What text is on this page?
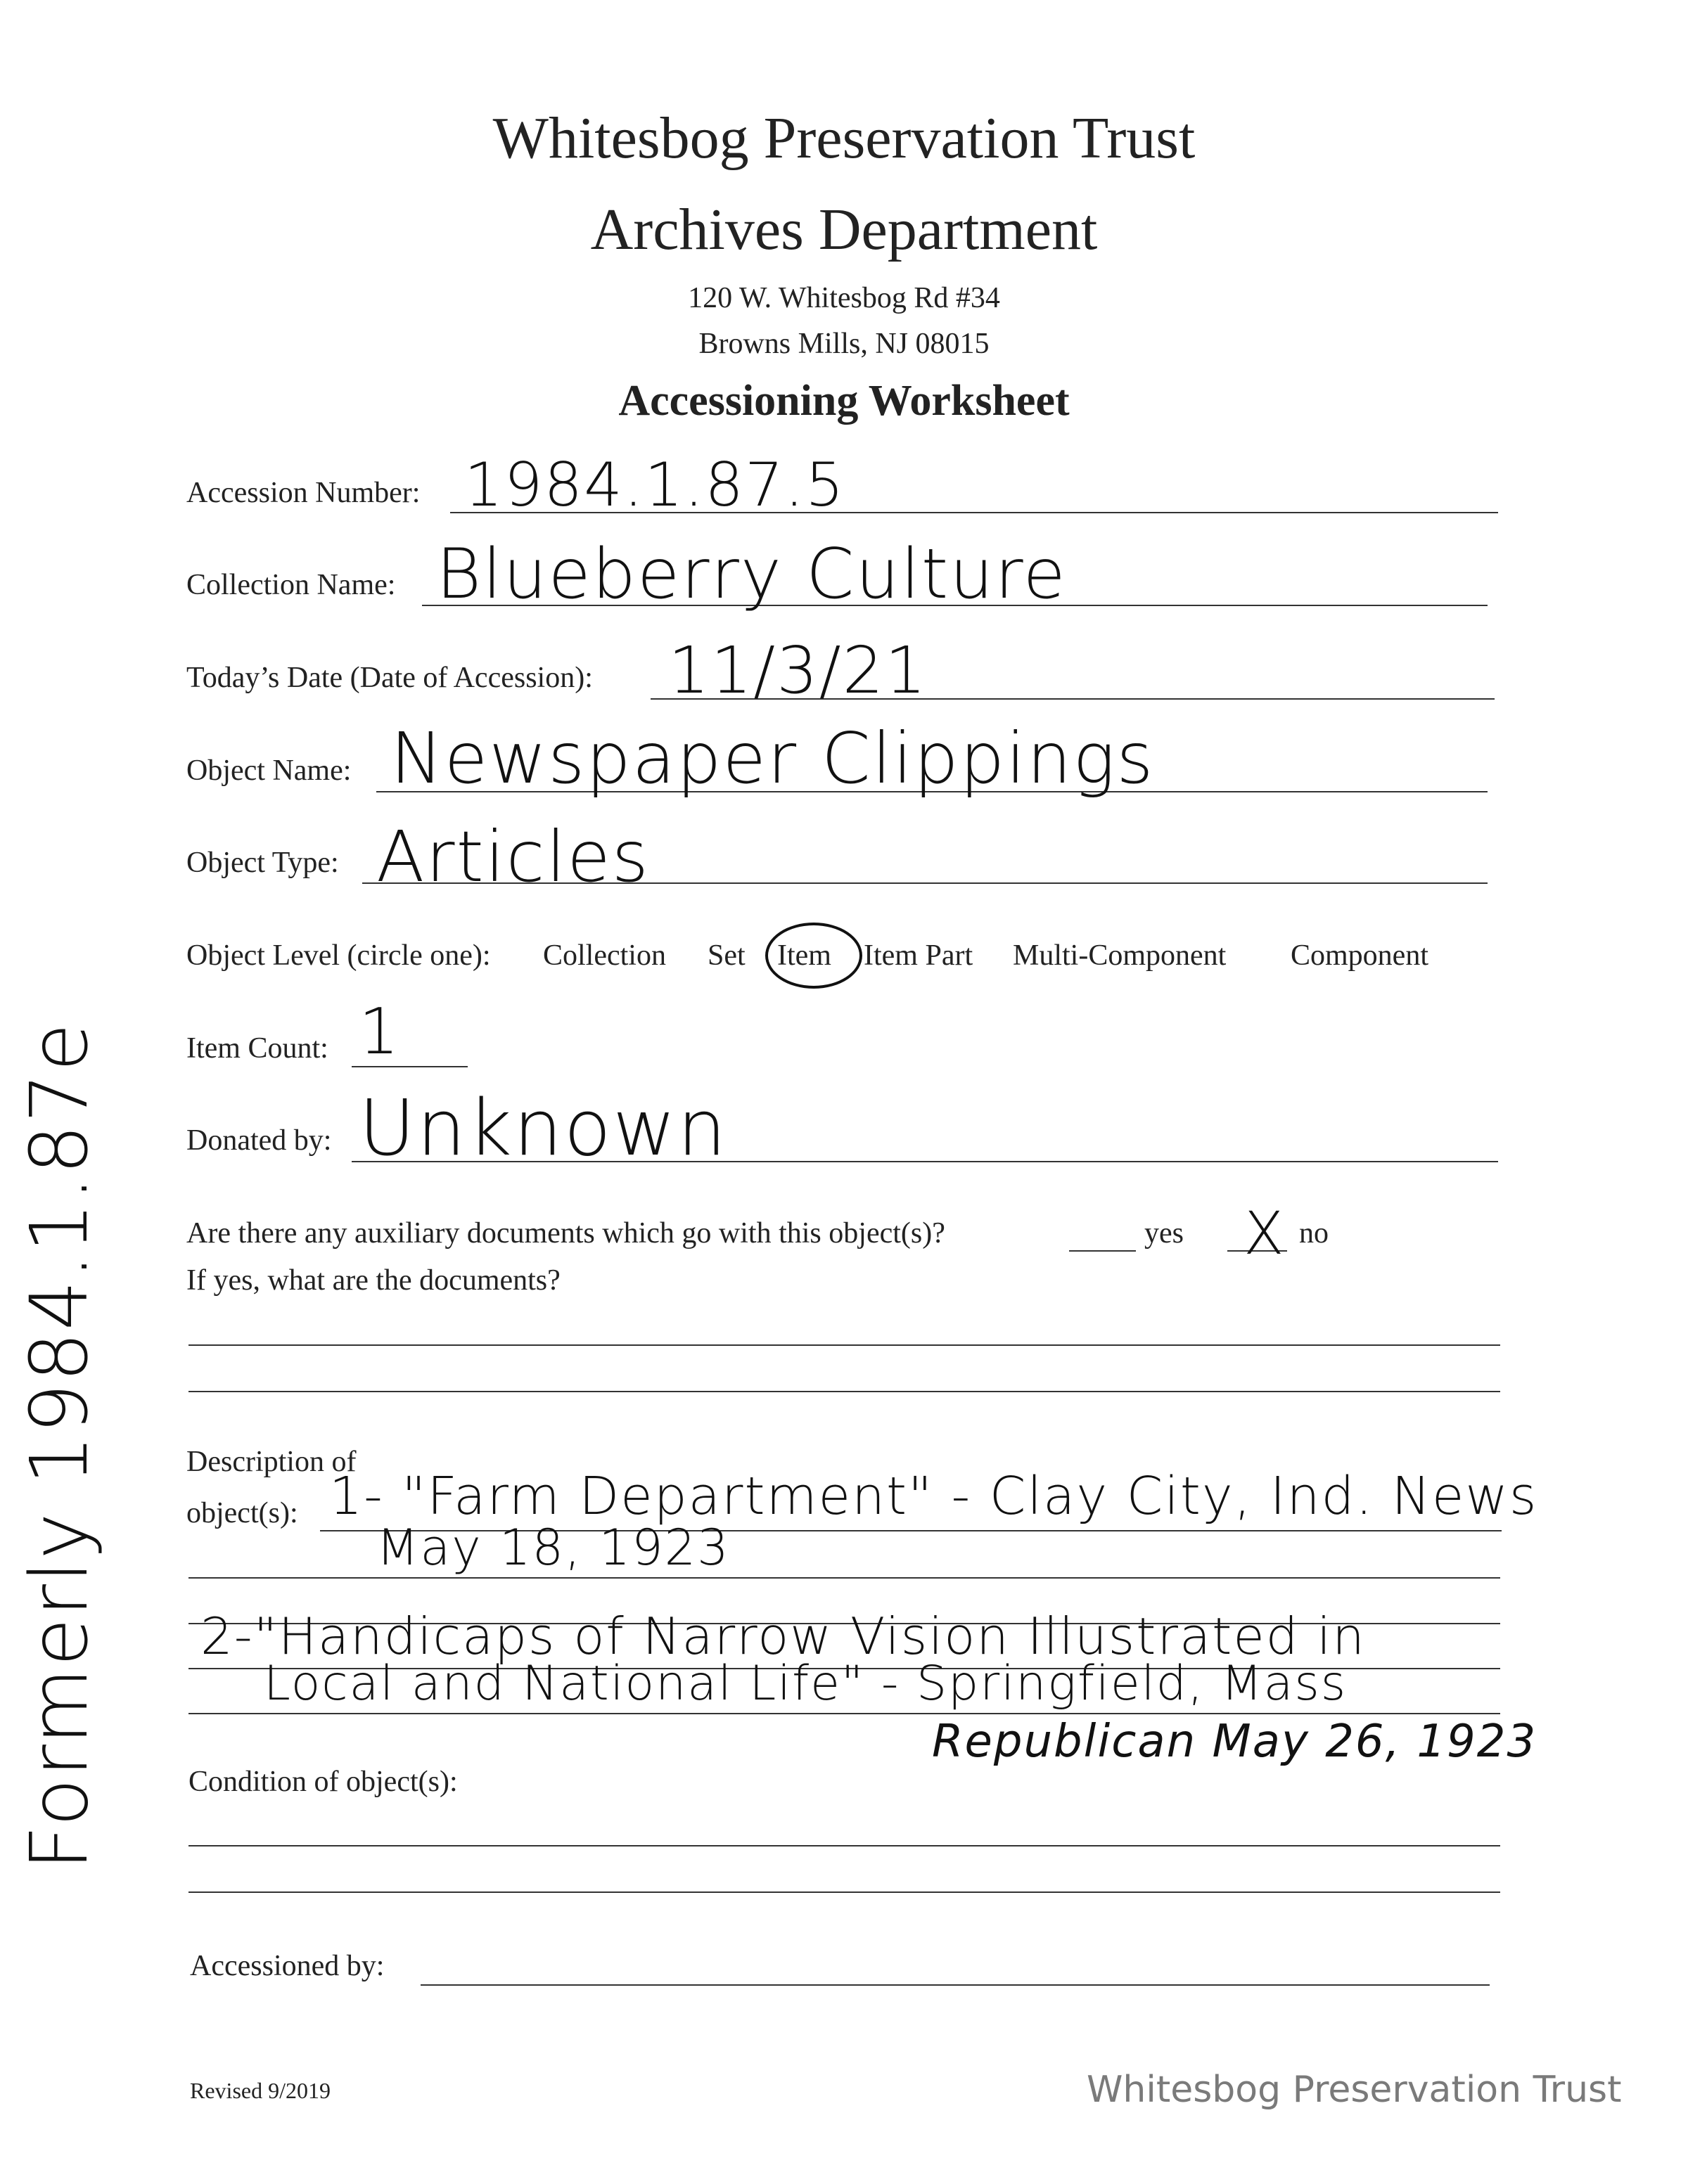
Whitesbog Preservation Trust
Archives Department
120 W. Whitesbog Rd #34
Browns Mills, NJ 08015
Accessioning Worksheet
Accession Number: 1984.1.87.5
Collection Name: Blueberry Culture
Today’s Date (Date of Accession): 11/3/21
Object Name: Newspaper Clippings
Object Type: Articles
Object Level (circle one): Collection Set Item Item Part Multi-Component Component
Item Count: 1
Donated by: Unknown
Are there any auxiliary documents which go with this object(s)?	yes X no
If yes, what are the documents?
Description of
object(s): 1- "Farm Department" - Clay City, Ind. News
May 18, 1923
2-"Handicaps of Narrow Vision Illustrated in
Local and National Life" - Springfield, Mass
Republican May 26, 1923
Condition of object(s):
Accessioned by:
Formerly 1984.1.87e
Revised 9/2019	Whitesbog Preservation Trust
